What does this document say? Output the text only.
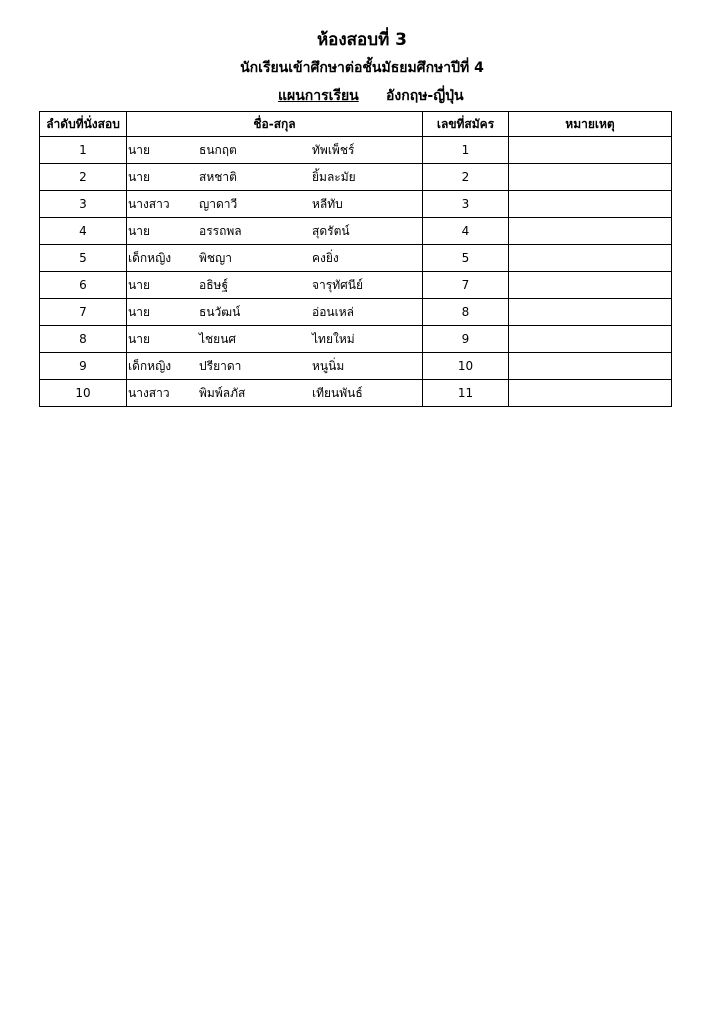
ห้องสอบที่ 3
นักเรียนเข้าศึกษาต่อชั้นมัธยมศึกษาปีที่ 4
แผนการเรียน อังกฤษ-ญี่ปุ่น
ลำดับที่นั่งสอบ	ชื่อ-สกุล	เลขที่สมัคร	หมายเหตุ
1	นาย ธนกฤต ทัพเพ็ชร์	1	
2	นาย สหชาติ ยิ้มละมัย	2	
3	นางสาว ญาดาวี หลีทับ	3	
4	นาย อรรถพล สุดรัตน์	4	
5	เด็กหญิง พิชญา คงยิ่ง	5	
6	นาย อธิษฐ์ จารุทัศนีย์	7	
7	นาย ธนวัฒน์ อ่อนเหล่	8	
8	นาย ไชยนศ ไทยใหม่	9	
9	เด็กหญิง ปรียาดา หนูนิ่ม	10	
10	นางสาว พิมพ์ลภัส เทียนพันธ์	11	
